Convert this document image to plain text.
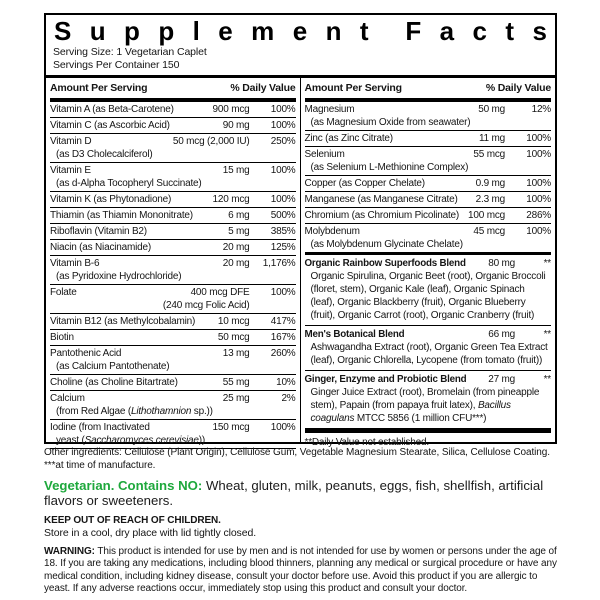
S u p p l e m e n t F a c t s
Serving Size: 1 Vegetarian Caplet
Servings Per Container 150
Amount Per Serving	% Daily Value
Vitamin A (as Beta-Carotene)	900 mcg	100%
Vitamin C (as Ascorbic Acid)	90 mg	100%
Vitamin D	50 mcg (2,000 IU)	250%
(as D3 Cholecalciferol)
Vitamin E	15 mg	100%
(as d-Alpha Tocopheryl Succinate)
Vitamin K (as Phytonadione)	120 mcg	100%
Thiamin (as Thiamin Mononitrate)	6 mg	500%
Riboflavin (Vitamin B2)	5 mg	385%
Niacin (as Niacinamide)	20 mg	125%
Vitamin B-6	20 mg	1,176%
(as Pyridoxine Hydrochloride)
Folate	400 mcg DFE	100%
(240 mcg Folic Acid)
Vitamin B12 (as Methylcobalamin)	10 mcg	417%
Biotin	50 mcg	167%
Pantothenic Acid	13 mg	260%
(as Calcium Pantothenate)
Choline (as Choline Bitartrate)	55 mg	10%
Calcium	25 mg	2%
(from Red Algae (Lithothamnion sp.))
Iodine (from Inactivated	150 mcg	100%
yeast (Saccharomyces cerevisiae))
Amount Per Serving	% Daily Value
Magnesium	50 mg	12%
(as Magnesium Oxide from seawater)
Zinc (as Zinc Citrate)	11 mg	100%
Selenium	55 mcg	100%
(as Selenium L-Methionine Complex)
Copper (as Copper Chelate)	0.9 mg	100%
Manganese (as Manganese Citrate)	2.3 mg	100%
Chromium (as Chromium Picolinate) 100 mcg	286%
Molybdenum	45 mcg	100%
(as Molybdenum Glycinate Chelate)
Organic Rainbow Superfoods Blend	80 mg	**
Organic Spirulina, Organic Beet (root), Organic Broccoli (floret, stem), Organic Kale (leaf), Organic Spinach (leaf), Organic Blackberry (fruit), Organic Blueberry (fruit), Organic Carrot (root), Organic Cranberry (fruit)
Men's Botanical Blend	66 mg	**
Ashwagandha Extract (root), Organic Green Tea Extract (leaf), Organic Chlorella, Lycopene (from tomato (fruit))
Ginger, Enzyme and Probiotic Blend	27 mg	**
Ginger Juice Extract (root), Bromelain (from pineapple stem), Papain (from papaya fruit latex), Bacillus coagulans MTCC 5856 (1 million CFU***)
**Daily Value not established.

Other ingredients: Cellulose (Plant Origin), Cellulose Gum, Vegetable Magnesium Stearate, Silica, Cellulose Coating.
***at time of manufacture.

Vegetarian. Contains NO: Wheat, gluten, milk, peanuts, eggs, fish, shellfish, artificial flavors or sweeteners.

KEEP OUT OF REACH OF CHILDREN.

Store in a cool, dry place with lid tightly closed.

WARNING: This product is intended for use by men and is not intended for use by women or persons under the age of 18. If you are taking any medications, including blood thinners, planning any medical or surgical procedure or have any medical condition, including kidney disease, consult your doctor before use. Avoid this product if you are allergic to yeast. If any adverse reactions occur, immediately stop using this product and consult your doctor.
